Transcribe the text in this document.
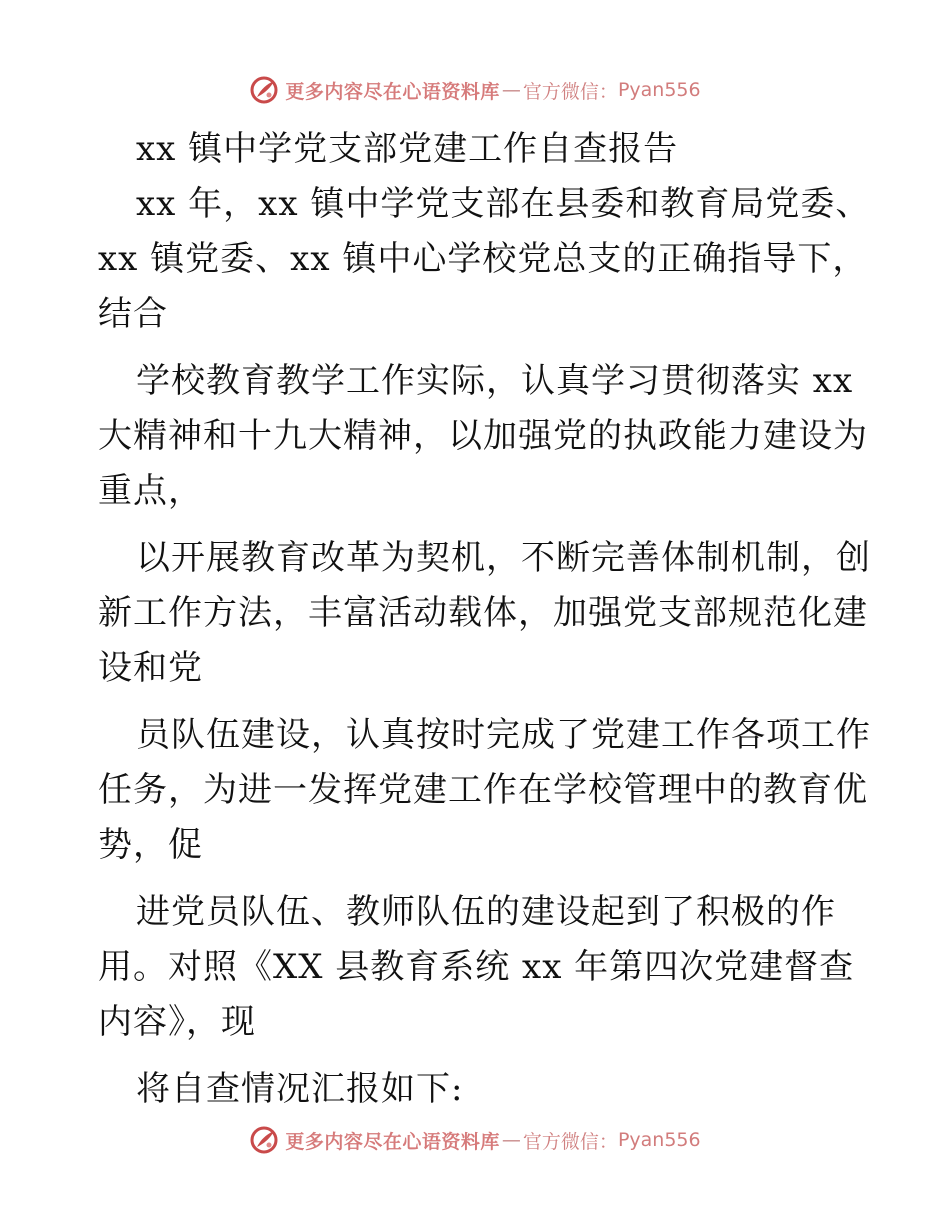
更多内容尽在心语资料库 — 官方微信： Pyan556
xx 镇中学党支部党建工作自查报告
xx 年，xx 镇中学党支部在县委和教育局党委、
xx 镇党委、xx 镇中心学校党总支的正确指导下，
结合
学校教育教学工作实际，认真学习贯彻落实 xx
大精神和十九大精神，以加强党的执政能力建设为
重点，
以开展教育改革为契机，不断完善体制机制，创
新工作方法，丰富活动载体，加强党支部规范化建
设和党
员队伍建设，认真按时完成了党建工作各项工作
任务，为进一发挥党建工作在学校管理中的教育优
势，促
进党员队伍、教师队伍的建设起到了积极的作
用。对照《XX 县教育系统 xx 年第四次党建督查
内容》，现
将自查情况汇报如下:
更多内容尽在心语资料库 — 官方微信： Pyan556
